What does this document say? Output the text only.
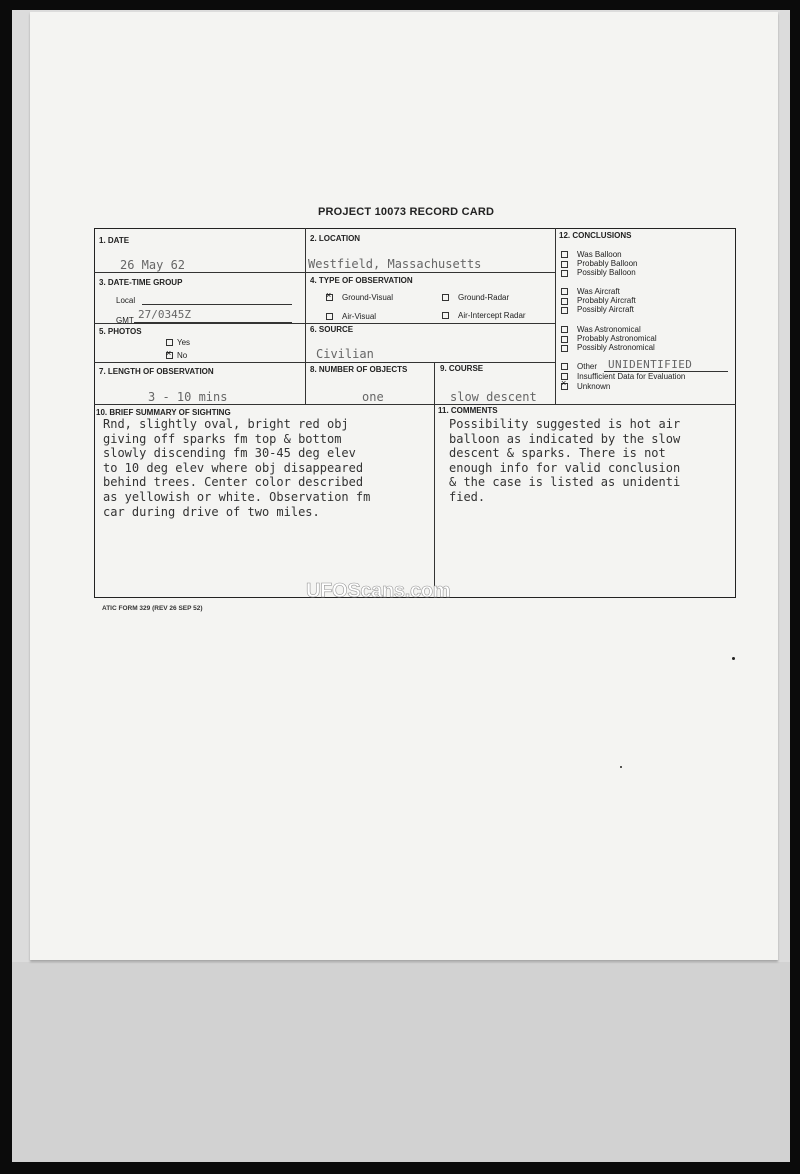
PROJECT 10073 RECORD CARD
1. DATE
26 May 62
2. LOCATION
Westfield, Massachusetts
3. DATE-TIME GROUP
Local
GMT 27/0345Z
4. TYPE OF OBSERVATION
×Ground-Visual	Ground-Radar
Air-Visual	Air-Intercept Radar
5. PHOTOS
Yes
×No
6. SOURCE
Civilian
7. LENGTH OF OBSERVATION
3 - 10 mins
8. NUMBER OF OBJECTS
one
9. COURSE
slow descent
10. BRIEF SUMMARY OF SIGHTING
Rnd, slightly oval, bright red obj
giving off sparks fm top & bottom
slowly discending fm 30-45 deg elev
to 10 deg elev where obj disappeared
behind trees. Center color described
as yellowish or white. Observation fm
car during drive of two miles.
11. COMMENTS
Possibility suggested is hot air
balloon as indicated by the slow
descent & sparks. There is not
enough info for valid conclusion
& the case is listed as unidenti
fied.
12. CONCLUSIONS
Was Balloon
Probably Balloon
Possibly Balloon
Was Aircraft
Probably Aircraft
Possibly Aircraft
Was Astronomical
Probably Astronomical
Possibly Astronomical
Other UNIDENTIFIED
Insufficient Data for Evaluation
×Unknown
ATIC FORM 329 (REV 26 SEP 52)
UFOScans.com
